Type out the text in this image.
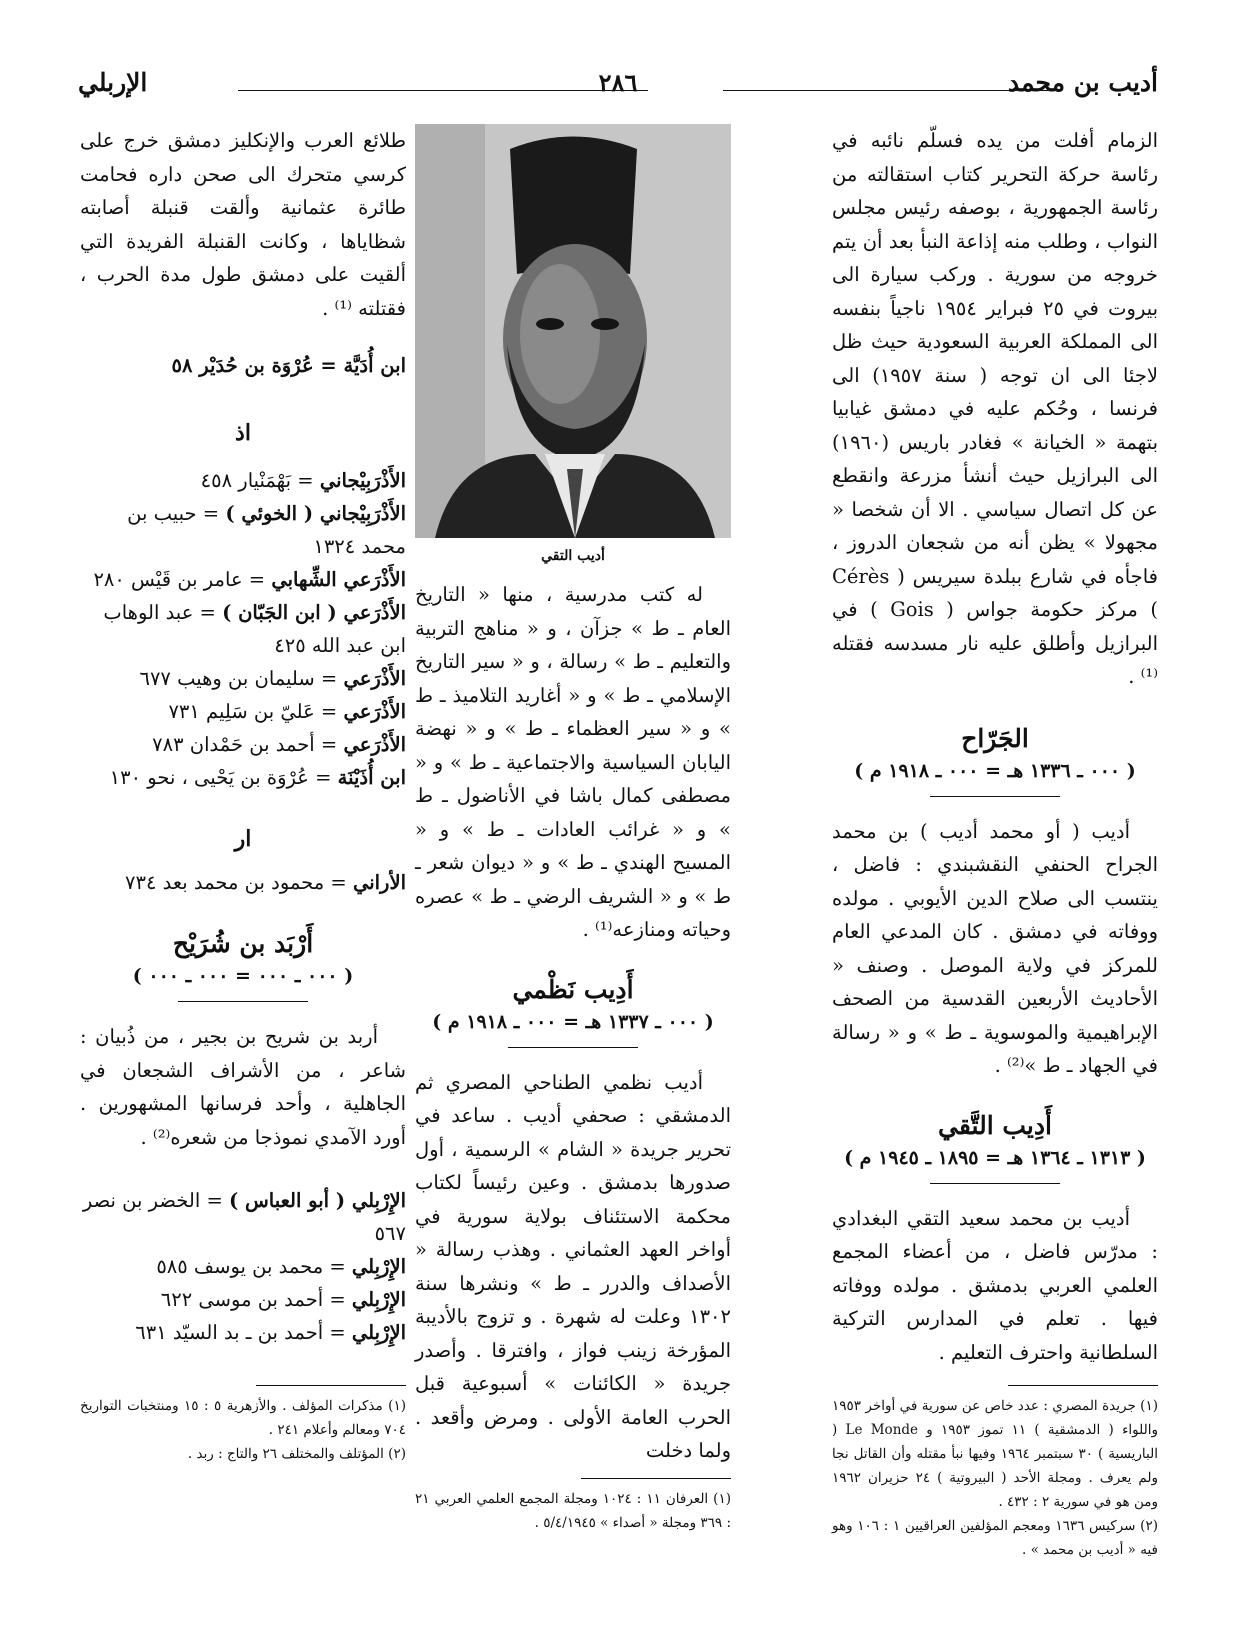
أديب بن محمد
٢٨٦
الإربلي

الزمام أفلت من يده فسلّم نائبه في رئاسة حركة التحرير كتاب استقالته من رئاسة الجمهورية ، بوصفه رئيس مجلس النواب ، وطلب منه إذاعة النبأ بعد أن يتم خروجه من سورية . وركب سيارة الى بيروت في ٢٥ فبراير ١٩٥٤ ناجياً بنفسه الى المملكة العربية السعودية حيث ظل لاجئا الى ان توجه ( سنة ١٩٥٧) الى فرنسا ، وحُكم عليه في دمشق غيابيا بتهمة « الخيانة » فغادر باريس (١٩٦٠) الى البرازيل حيث أنشأ مزرعة وانقطع عن كل اتصال سياسي . الا أن شخصا « مجهولا » يظن أنه من شجعان الدروز ، فاجأه في شارع ببلدة سيريس ( Cérès ) مركز حكومة جواس ( Gois ) في البرازيل وأطلق عليه نار مسدسه فقتله ⁽¹⁾ .

الجَرّاح

( ٠٠٠ ـ ١٣٣٦ هـ = ٠٠٠ ـ ١٩١٨ م )

أديب ( أو محمد أديب ) بن محمد الجراح الحنفي النقشبندي : فاضل ، ينتسب الى صلاح الدين الأيوبي . مولده ووفاته في دمشق . كان المدعي العام للمركز في ولاية الموصل . وصنف « الأحاديث الأربعين القدسية من الصحف الإبراهيمية والموسوية ـ ط » و « رسالة في الجهاد ـ ط »⁽²⁾ .

أَدِيب التَّقي

( ١٣١٣ ـ ١٣٦٤ هـ = ١٨٩٥ ـ ١٩٤٥ م )

أديب بن محمد سعيد التقي البغدادي : مدرّس فاضل ، من أعضاء المجمع العلمي العربي بدمشق . مولده ووفاته فيها . تعلم في المدارس التركية السلطانية واحترف التعليم .

(١) جريدة المصري : عدد خاص عن سورية في أواخر ١٩٥٣ واللواء ( الدمشقية ) ١١ تموز ١٩٥٣ و Le Monde ( الباريسية ) ٣٠ سبتمبر ١٩٦٤ وفيها نبأ مقتله وأن القاتل نجا ولم يعرف . ومجلة الأحد ( البيروتية ) ٢٤ حزيران ١٩٦٢ ومن هو في سورية ٢ : ٤٣٢ .

(٢) سركيس ١٦٣٦ ومعجم المؤلفين العراقيين ١ : ١٠٦ وهو فيه « أديب بن محمد » .

أديب التقي

له كتب مدرسية ، منها « التاريخ العام ـ ط » جزآن ، و « مناهج التربية والتعليم ـ ط » رسالة ، و « سير التاريخ الإسلامي ـ ط » و « أغاريد التلاميذ ـ ط » و « سير العظماء ـ ط » و « نهضة اليابان السياسية والاجتماعية ـ ط » و « مصطفى كمال باشا في الأناضول ـ ط » و « غرائب العادات ـ ط » و « المسيح الهندي ـ ط » و « ديوان شعر ـ ط » و « الشريف الرضي ـ ط » عصره وحياته ومنازعه⁽¹⁾ .

أَدِيب نَظْمي

( ٠٠٠ ـ ١٣٣٧ هـ = ٠٠٠ ـ ١٩١٨ م )

أديب نظمي الطناحي المصري ثم الدمشقي : صحفي أديب . ساعد في تحرير جريدة « الشام » الرسمية ، أول صدورها بدمشق . وعين رئيساً لكتاب محكمة الاستئناف بولاية سورية في أواخر العهد العثماني . وهذب رسالة « الأصداف والدرر ـ ط » ونشرها سنة ١٣٠٢ وعلت له شهرة . و تزوج بالأديبة المؤرخة زينب فواز ، وافترقا . وأصدر جريدة « الكائنات » أسبوعية قبل الحرب العامة الأولى . ومرض وأقعد . ولما دخلت

(١) العرفان ١١ : ١٠٢٤ ومجلة المجمع العلمي العربي ٢١ : ٣٦٩ ومجلة « أصداء » ٥/٤/١٩٤٥ .

طلائع العرب والإنكليز دمشق خرج على كرسي متحرك الى صحن داره فحامت طائرة عثمانية وألقت قنبلة أصابته شظاياها ، وكانت القنبلة الفريدة التي ألقيت على دمشق طول مدة الحرب ، فقتلته ⁽¹⁾ .

ابن أُدَيَّة = عُرْوَة بن حُدَيْر ٥٨

اذ

الأَذْرَبِيْجاني = بَهْمَنْيار ٤٥٨

الأَذْرَبِيْجاني ( الخوئي ) = حبيب بن محمد ١٣٢٤

الأَذْرَعي الشِّهابي = عامر بن قَيْس ٢٨٠

الأَذْرَعي ( ابن الجَبّان ) = عبد الوهاب ابن عبد الله ٤٢٥

الأَذْرَعي = سليمان بن وهيب ٦٧٧

الأَذْرَعي = عَليّ بن سَلِيم ٧٣١

الأَذْرَعي = أحمد بن حَمْدان ٧٨٣

ابن أُذَيْنَة = عُرْوَة بن يَحْيى ، نحو ١٣٠

ار

الأراني = محمود بن محمد بعد ٧٣٤

أَرْبَد بن شُرَيْح

( ٠٠٠ ـ ٠٠٠ = ٠٠٠ ـ ٠٠٠ )

أربد بن شريح بن بجير ، من ذُبيان : شاعر ، من الأشراف الشجعان في الجاهلية ، وأحد فرسانها المشهورين . أورد الآمدي نموذجا من شعره⁽²⁾ .

الإِرْبِلي ( أبو العباس ) = الخضر بن نصر ٥٦٧

الإِرْبِلي = محمد بن يوسف ٥٨٥

الإِرْبِلي = أحمد بن موسى ٦٢٢

الإِرْبِلي = أحمد بن ـ بد السيّد ٦٣١

(١) مذكرات المؤلف . والأزهرية ٥ : ١٥ ومنتخبات التواريخ ٧٠٤ ومعالم وأعلام ٢٤١ .

(٢) المؤتلف والمختلف ٢٦ والتاج : ربد .
